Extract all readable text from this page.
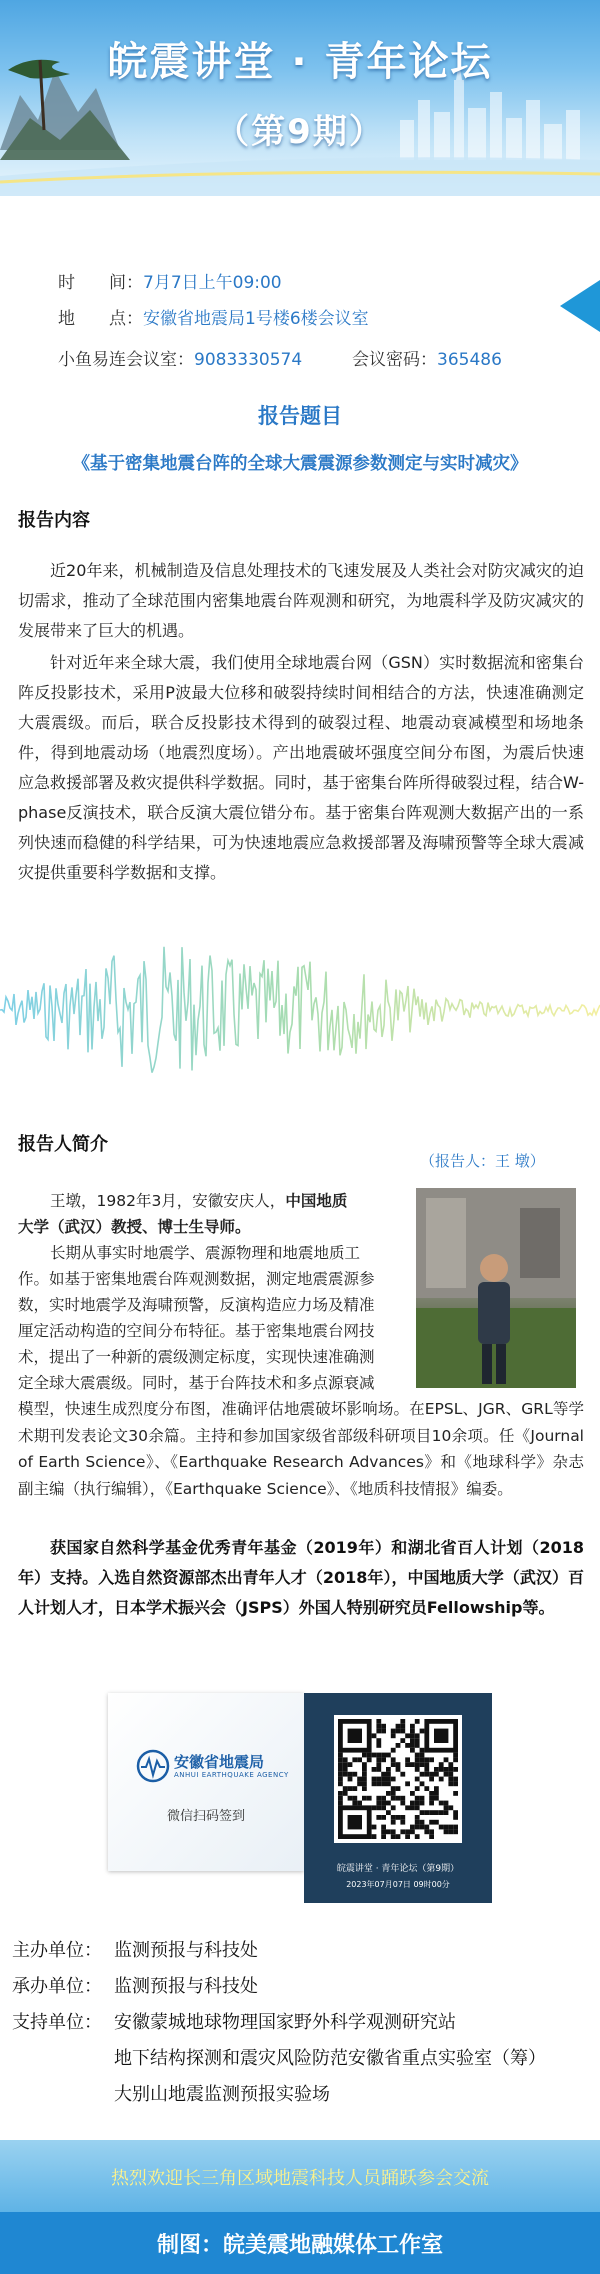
皖震讲堂 · 青年论坛
（第9期）
时　　间：7月7日上午09:00
地　　点：安徽省地震局1号楼6楼会议室
小鱼易连会议室：9083330574	会议密码：365486
报告题目
《基于密集地震台阵的全球大震震源参数测定与实时减灾》
报告内容
近20年来，机械制造及信息处理技术的飞速发展及人类社会对防灾减灾的迫切需求，推动了全球范围内密集地震台阵观测和研究，为地震科学及防灾减灾的发展带来了巨大的机遇。
针对近年来全球大震，我们使用全球地震台网（GSN）实时数据流和密集台阵反投影技术，采用P波最大位移和破裂持续时间相结合的方法，快速准确测定大震震级。而后，联合反投影技术得到的破裂过程、地震动衰减模型和场地条件，得到地震动场（地震烈度场）。产出地震破坏强度空间分布图，为震后快速应急救援部署及救灾提供科学数据。同时，基于密集台阵所得破裂过程，结合W-phase反演技术，联合反演大震位错分布。基于密集台阵观测大数据产出的一系列快速而稳健的科学结果，可为快速地震应急救援部署及海啸预警等全球大震减灾提供重要科学数据和支撑。
报告人简介
（报告人：王 墩）
王墩，1982年3月，安徽安庆人，中国地质
大学（武汉）教授、博士生导师。
长期从事实时地震学、震源物理和地震地质工
作。如基于密集地震台阵观测数据，测定地震震源参
数，实时地震学及海啸预警，反演构造应力场及精准
厘定活动构造的空间分布特征。基于密集地震台网技
术，提出了一种新的震级测定标度，实现快速准确测
定全球大震震级。同时，基于台阵技术和多点源衰减
模型，快速生成烈度分布图，准确评估地震破坏影响场。在EPSL、JGR、GRL等学术期刊发表论文30余篇。主持和参加国家级省部级科研项目10余项。任《Journal of Earth Science》、《Earthquake Research Advances》和《地球科学》杂志副主编（执行编辑），《Earthquake Science》、《地质科技情报》编委。
获国家自然科学基金优秀青年基金（2019年）和湖北省百人计划（2018年）支持。入选自然资源部杰出青年人才（2018年），中国地质大学（武汉）百人计划人才，日本学术振兴会（JSPS）外国人特别研究员Fellowship等。
安徽省地震局
ANHUI EARTHQUAKE AGENCY
微信扫码签到
皖震讲堂 · 青年论坛（第9期）
2023年07月07日 09时00分
主办单位： 监测预报与科技处
承办单位： 监测预报与科技处
支持单位： 安徽蒙城地球物理国家野外科学观测研究站
地下结构探测和震灾风险防范安徽省重点实验室（筹）
大别山地震监测预报实验场
热烈欢迎长三角区域地震科技人员踊跃参会交流
制图：皖美震地融媒体工作室
